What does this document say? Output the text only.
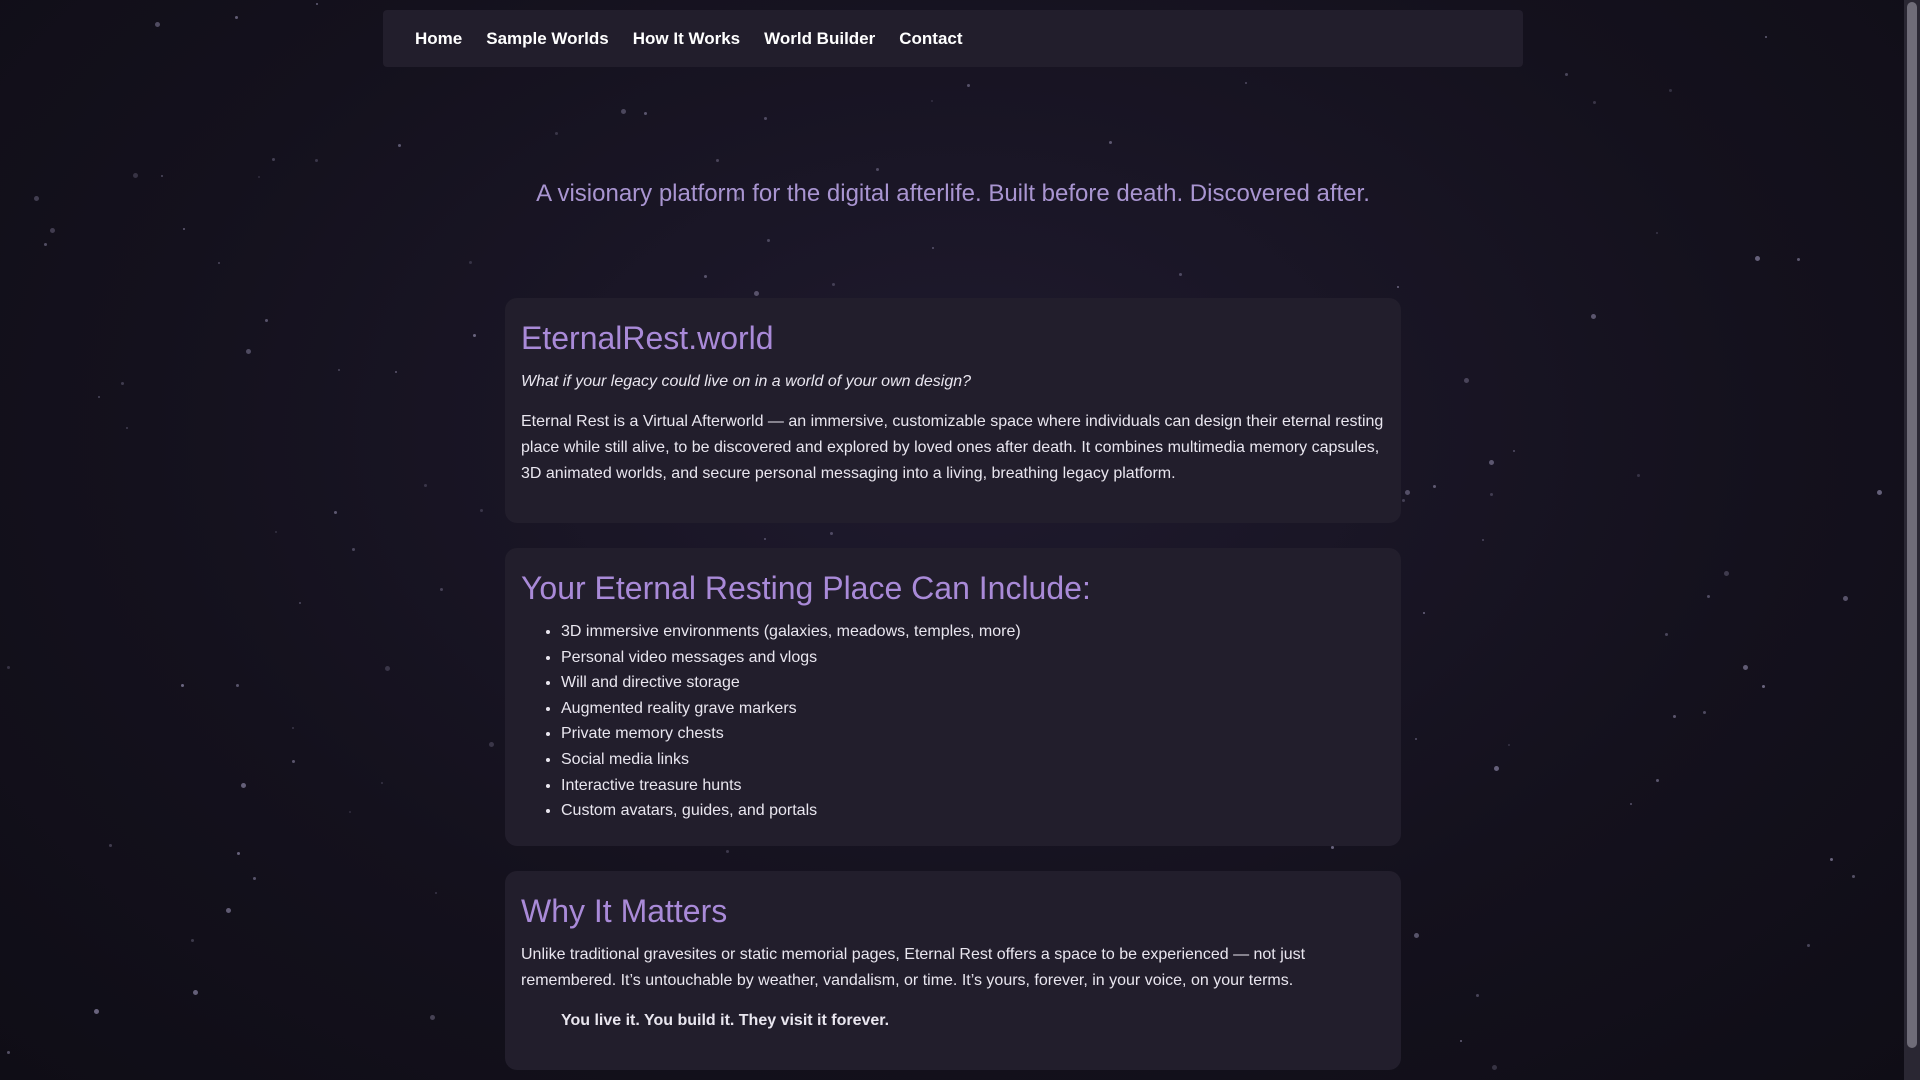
Home Sample Worlds How It Works World Builder Contact
A visionary platform for the digital afterlife. Built before death. Discovered after.
EternalRest.world

What if your legacy could live on in a world of your own design?

Eternal Rest is a Virtual Afterworld — an immersive, customizable space where individuals can design their eternal resting place while still alive, to be discovered and explored by loved ones after death. It combines multimedia memory capsules, 3D animated worlds, and secure personal messaging into a living, breathing legacy platform.

Your Eternal Resting Place Can Include:
• 3D immersive environments (galaxies, meadows, temples, more)
• Personal video messages and vlogs
• Will and directive storage
• Augmented reality grave markers
• Private memory chests
• Social media links
• Interactive treasure hunts
• Custom avatars, guides, and portals
Why It Matters

Unlike traditional gravesites or static memorial pages, Eternal Rest offers a space to be experienced — not just remembered. It’s untouchable by weather, vandalism, or time. It’s yours, forever, in your voice, on your terms.

You live it. You build it. They visit it forever.
